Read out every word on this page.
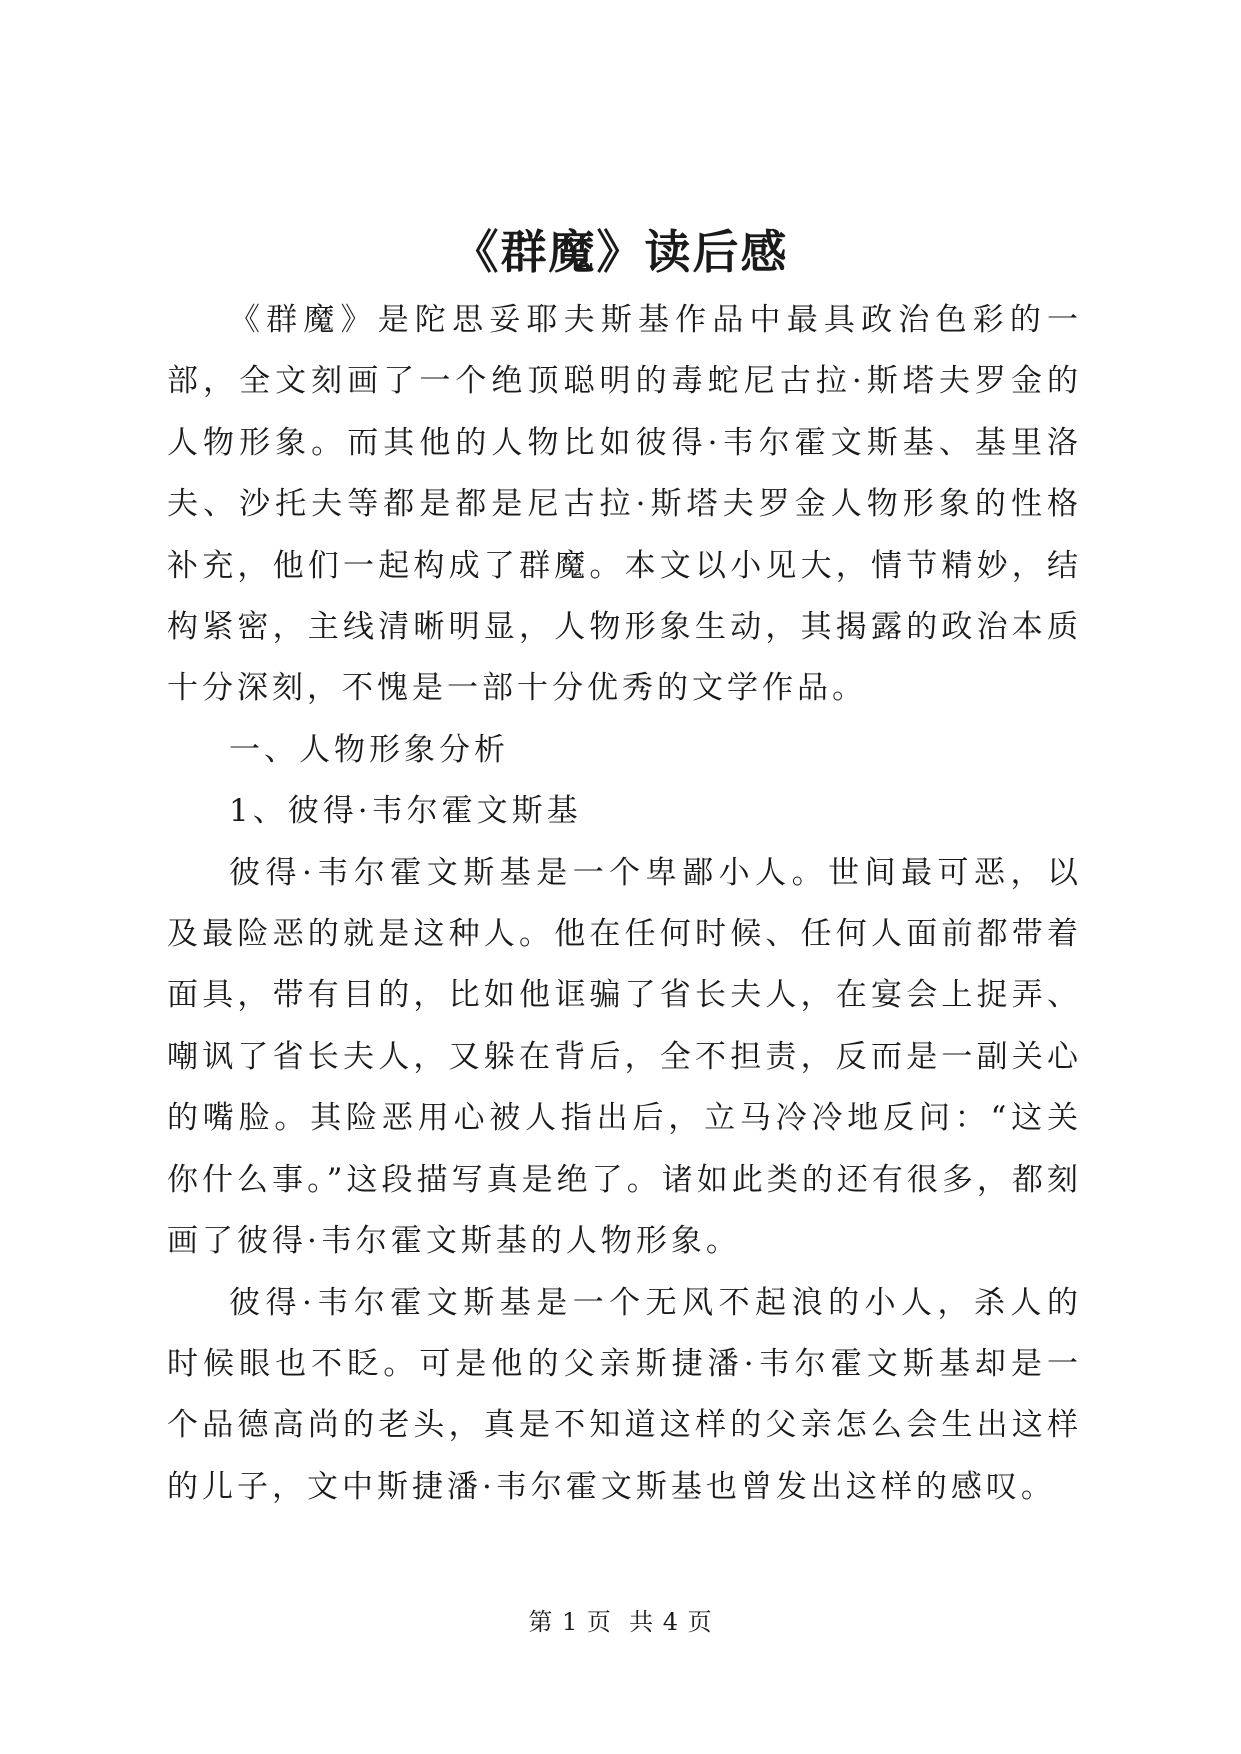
《群魔》读后感

《群魔》是陀思妥耶夫斯基作品中最具政治色彩的一部，全文刻画了一个绝顶聪明的毒蛇尼古拉·斯塔夫罗金的人物形象。而其他的人物比如彼得·韦尔霍文斯基、基里洛夫、沙托夫等都是都是尼古拉·斯塔夫罗金人物形象的性格补充，他们一起构成了群魔。本文以小见大，情节精妙，结构紧密，主线清晰明显，人物形象生动，其揭露的政治本质十分深刻，不愧是一部十分优秀的文学作品。

一、人物形象分析

1、彼得·韦尔霍文斯基

彼得·韦尔霍文斯基是一个卑鄙小人。世间最可恶，以及最险恶的就是这种人。他在任何时候、任何人面前都带着面具，带有目的，比如他诓骗了省长夫人，在宴会上捉弄、嘲讽了省长夫人，又躲在背后，全不担责，反而是一副关心的嘴脸。其险恶用心被人指出后，立马冷冷地反问：“这关你什么事。”这段描写真是绝了。诸如此类的还有很多，都刻画了彼得·韦尔霍文斯基的人物形象。

彼得·韦尔霍文斯基是一个无风不起浪的小人，杀人的时候眼也不眨。可是他的父亲斯捷潘·韦尔霍文斯基却是一个品德高尚的老头，真是不知道这样的父亲怎么会生出这样的儿子，文中斯捷潘·韦尔霍文斯基也曾发出这样的感叹。

第 1 页  共 4 页
